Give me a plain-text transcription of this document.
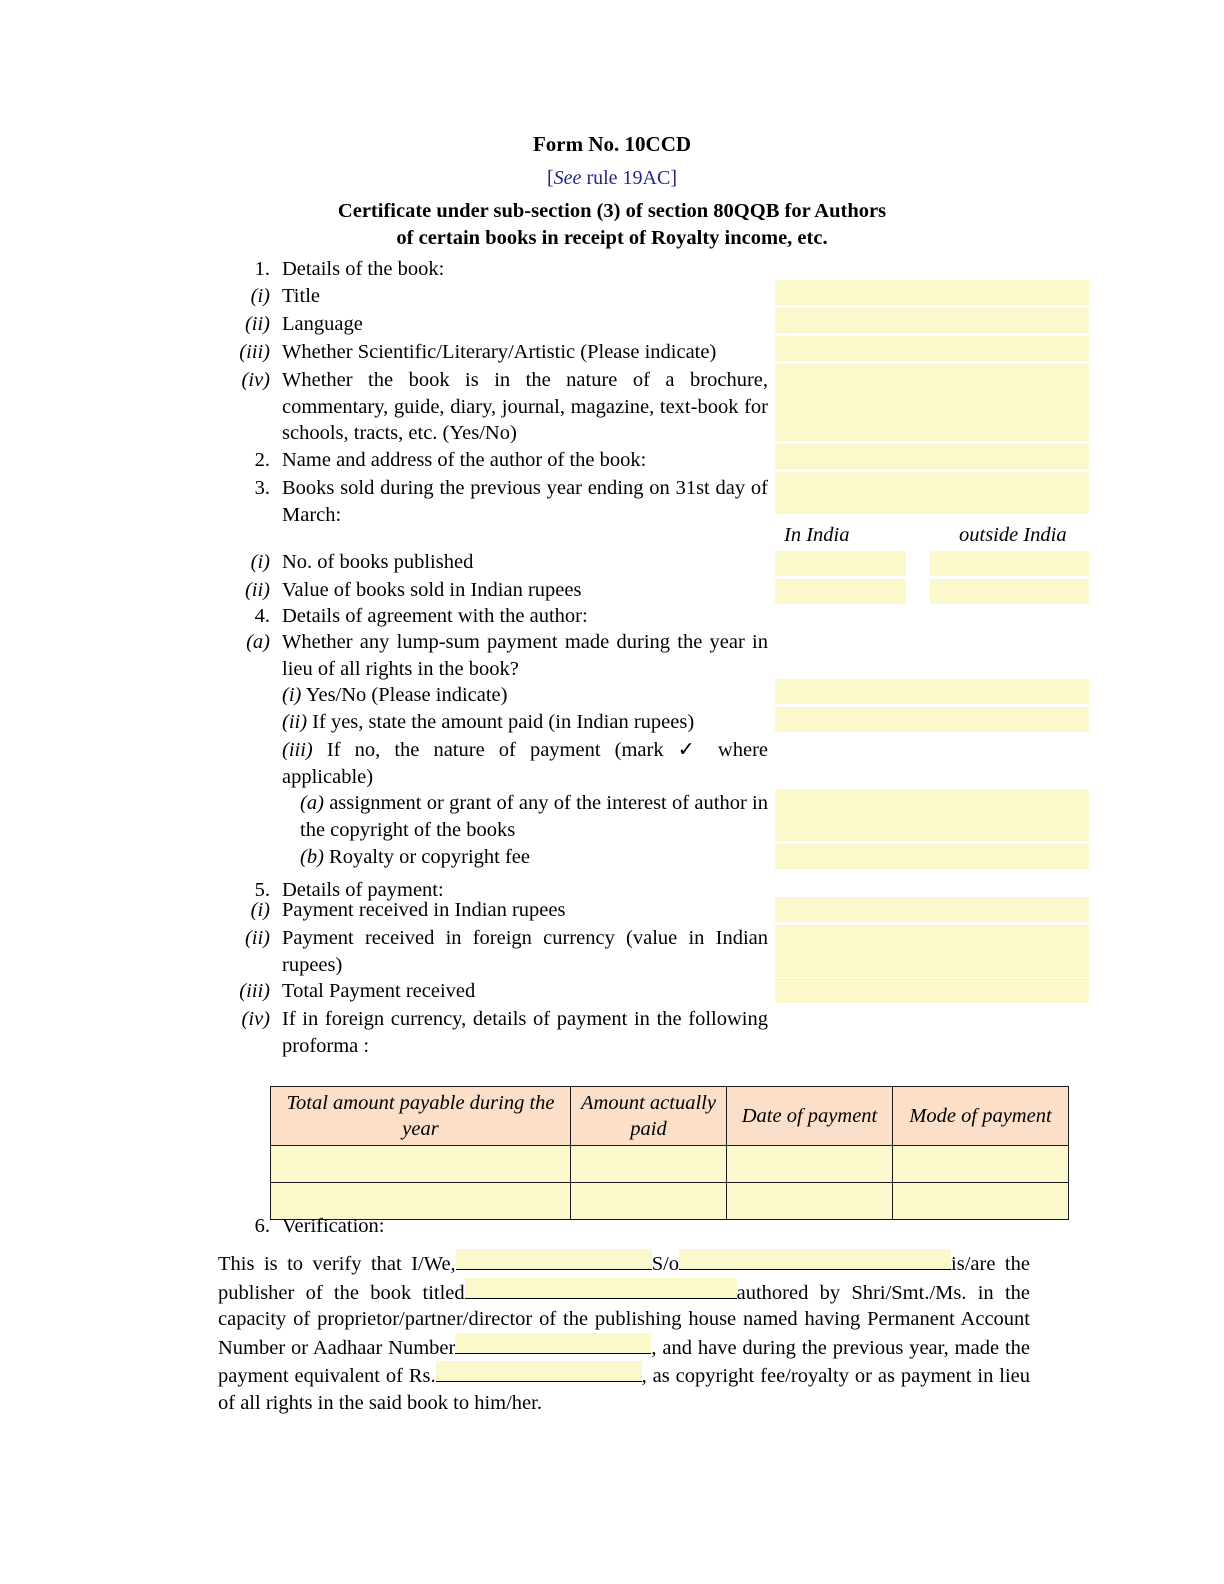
Form No. 10CCD
[See rule 19AC]
Certificate under sub-section (3) of section 80QQB for Authors
of certain books in receipt of Royalty income, etc.
1. Details of the book:
(i) Title
(ii) Language
(iii) Whether Scientific/Literary/Artistic (Please indicate)
(iv) Whether the book is in the nature of a brochure, commentary, guide, diary, journal, magazine, text-book for schools, tracts, etc. (Yes/No)
2. Name and address of the author of the book:
3. Books sold during the previous year ending on 31st day of March:
In India	outside India
(i) No. of books published
(ii) Value of books sold in Indian rupees
4. Details of agreement with the author:
(a) Whether any lump-sum payment made during the year in lieu of all rights in the book?
(i) Yes/No (Please indicate)
(ii) If yes, state the amount paid (in Indian rupees)
(iii) If no, the nature of payment (mark ✓ where applicable)
(a) assignment or grant of any of the interest of author in the copyright of the books
(b) Royalty or copyright fee
5. Details of payment:
(i) Payment received in Indian rupees
(ii) Payment received in foreign currency (value in Indian rupees)
(iii) Total Payment received
(iv) If in foreign currency, details of payment in the following proforma :
Total amount payable during the year	Amount actually paid	Date of payment	Mode of payment

6. Verification:
This is to verify that I/We,	S/o	is/are the publisher of the book titled	authored by Shri/Smt./Ms. in the capacity of proprietor/partner/director of the publishing house named having Permanent Account Number or Aadhaar Number	, and have during the previous year, made the payment equivalent of Rs.	, as copyright fee/royalty or as payment in lieu of all rights in the said book to him/her.
